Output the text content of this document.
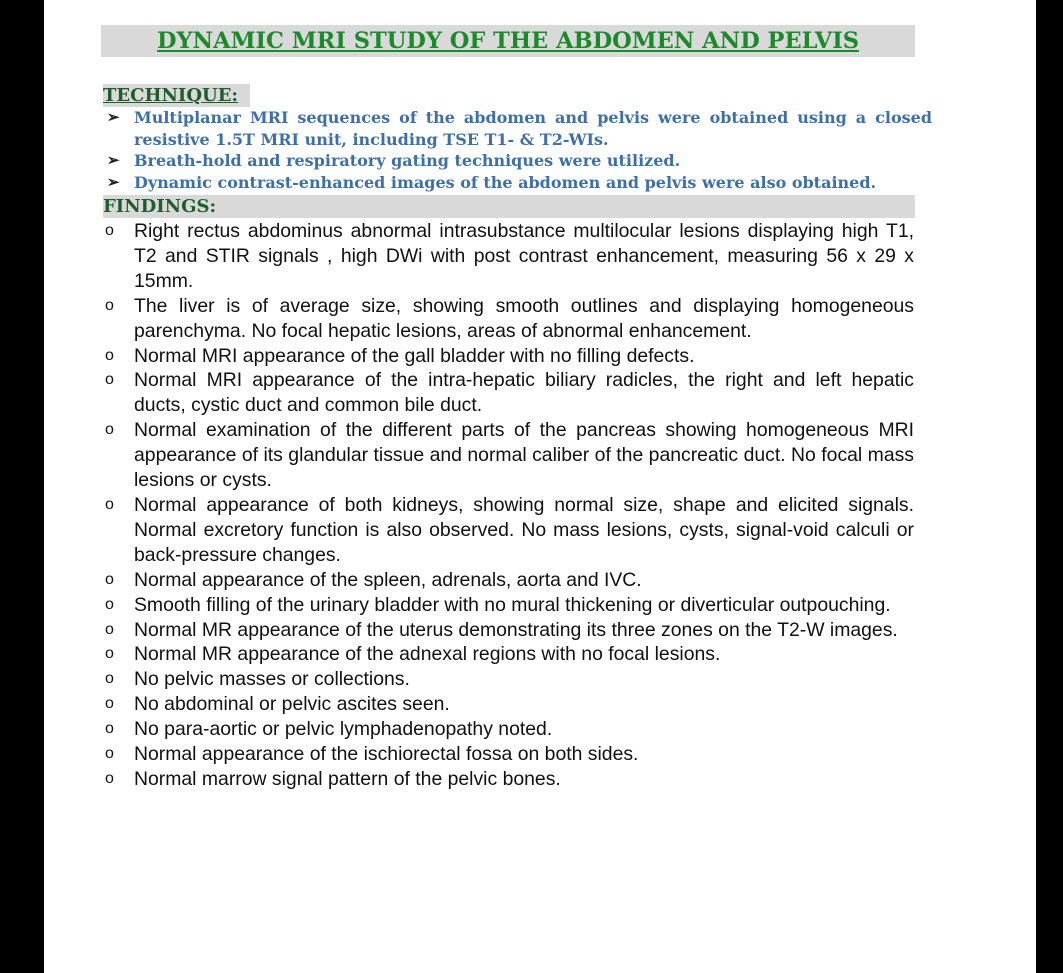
DYNAMIC MRI STUDY OF THE ABDOMEN AND PELVIS
TECHNIQUE:
➢ Multiplanar MRI sequences of the abdomen and pelvis were obtained using a closed resistive 1.5T MRI unit, including TSE T1- & T2-WIs.
➢ Breath-hold and respiratory gating techniques were utilized.
➢ Dynamic contrast-enhanced images of the abdomen and pelvis were also obtained.
FINDINGS:
o Right rectus abdominus abnormal intrasubstance multilocular lesions displaying high T1, T2 and STIR signals , high DWi with post contrast enhancement, measuring 56 x 29 x 15mm.
o The liver is of average size, showing smooth outlines and displaying homogeneous parenchyma. No focal hepatic lesions, areas of abnormal enhancement.
o Normal MRI appearance of the gall bladder with no filling defects.
o Normal MRI appearance of the intra-hepatic biliary radicles, the right and left hepatic ducts, cystic duct and common bile duct.
o Normal examination of the different parts of the pancreas showing homogeneous MRI appearance of its glandular tissue and normal caliber of the pancreatic duct. No focal mass lesions or cysts.
o Normal appearance of both kidneys, showing normal size, shape and elicited signals. Normal excretory function is also observed. No mass lesions, cysts, signal-void calculi or back-pressure changes.
o Normal appearance of the spleen, adrenals, aorta and IVC.
o Smooth filling of the urinary bladder with no mural thickening or diverticular outpouching.
o Normal MR appearance of the uterus demonstrating its three zones on the T2-W images.
o Normal MR appearance of the adnexal regions with no focal lesions.
o No pelvic masses or collections.
o No abdominal or pelvic ascites seen.
o No para-aortic or pelvic lymphadenopathy noted.
o Normal appearance of the ischiorectal fossa on both sides.
o Normal marrow signal pattern of the pelvic bones.
